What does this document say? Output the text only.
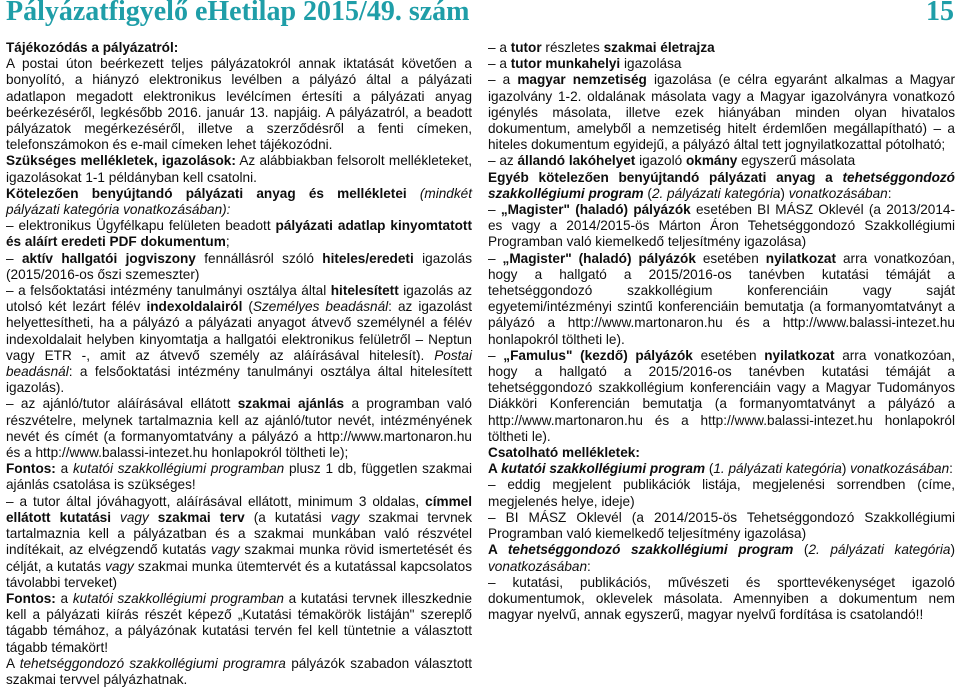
Pályázatfigyelő eHetilap 2015/49. szám	15

Tájékozódás a pályázatról:

A postai úton beérkezett teljes pályázatokról annak iktatását követően a bonyolító, a hiányzó elektronikus levélben a pályázó által a pályázati adatlapon megadott elektronikus levélcímen értesíti a pályázati anyag beérkezéséről, legkésőbb 2016. január 13. napjáig. A pályázatról, a beadott pályázatok megérkezéséről, illetve a szerződésről a fenti címeken, telefonszámokon és e-mail címeken lehet tájékozódni.

Szükséges mellékletek, igazolások: Az alábbiakban felsorolt mellékleteket, igazolásokat 1-1 példányban kell csatolni.

Kötelezően benyújtandó pályázati anyag és mellékletei (mindkét pályázati kategória vonatkozásában):

– elektronikus Ügyfélkapu felületen beadott pályázati adatlap kinyomtatott és aláírt eredeti PDF dokumentum;

– aktív hallgatói jogviszony fennállásról szóló hiteles/eredeti igazolás (2015/2016-os őszi szemeszter)

– a felsőoktatási intézmény tanulmányi osztálya által hitelesített igazolás az utolsó két lezárt félév indexoldalairól (Személyes beadásnál: az igazolást helyettesítheti, ha a pályázó a pályázati anyagot átvevő személynél a félév indexoldalait helyben kinyomtatja a hallgatói elektronikus felületről – Neptun vagy ETR -, amit az átvevő személy az aláírásával hitelesít). Postai beadásnál: a felsőoktatási intézmény tanulmányi osztálya által hitelesített igazolás).

– az ajánló/tutor aláírásával ellátott szakmai ajánlás a programban való részvételre, melynek tartalmaznia kell az ajánló/tutor nevét, intézményének nevét és címét (a formanyomtatvány a pályázó a http://www.martonaron.hu és a http://www.balassi-intezet.hu honlapokról töltheti le);

Fontos: a kutatói szakkollégiumi programban plusz 1 db, független szakmai ajánlás csatolása is szükséges!

– a tutor által jóváhagyott, aláírásával ellátott, minimum 3 oldalas, címmel ellátott kutatási vagy szakmai terv (a kutatási vagy szakmai tervnek tartalmaznia kell a pályázatban és a szakmai munkában való részvétel indítékait, az elvégzendő kutatás vagy szakmai munka rövid ismertetését és célját, a kutatás vagy szakmai munka ütemtervét és a kutatással kapcsolatos távolabbi terveket)

Fontos: a kutatói szakkollégiumi programban a kutatási tervnek illeszkednie kell a pályázati kiírás részét képező „Kutatási témakörök listáján" szereplő tágabb témához, a pályázónak kutatási tervén fel kell tüntetnie a választott tágabb témakört!

A tehetséggondozó szakkollégiumi programra pályázók szabadon választott szakmai tervvel pályázhatnak.

– a tutor részletes szakmai életrajza

– a tutor munkahelyi igazolása

– a magyar nemzetiség igazolása (e célra egyaránt alkalmas a Magyar igazolvány 1-2. oldalának másolata vagy a Magyar igazolványra vonatkozó igénylés másolata, illetve ezek hiányában minden olyan hivatalos dokumentum, amelyből a nemzetiség hitelt érdemlően megállapítható) – a hiteles dokumentum egyidejű, a pályázó által tett jognyilatkozattal pótolható;

– az állandó lakóhelyet igazoló okmány egyszerű másolata

Egyéb kötelezően benyújtandó pályázati anyag a tehetséggondozó szakkollégiumi program (2. pályázati kategória) vonatkozásában:

– „Magister" (haladó) pályázók esetében BI MÁSZ Oklevél (a 2013/2014-es vagy a 2014/2015-ös Márton Áron Tehetséggondozó Szakkollégiumi Programban való kiemelkedő teljesítmény igazolása)

– „Magister" (haladó) pályázók esetében nyilatkozat arra vonatkozóan, hogy a hallgató a 2015/2016-os tanévben kutatási témáját a tehetséggondozó szakkollégium konferenciáin vagy saját egyetemi/intézményi szintű konferenciáin bemutatja (a formanyomtatványt a pályázó a http://www.martonaron.hu és a http://www.balassi-intezet.hu honlapokról töltheti le).

– „Famulus" (kezdő) pályázók esetében nyilatkozat arra vonatkozóan, hogy a hallgató a 2015/2016-os tanévben kutatási témáját a tehetséggondozó szakkollégium konferenciáin vagy a Magyar Tudományos Diákköri Konferencián bemutatja (a formanyomtatványt a pályázó a http://www.martonaron.hu és a http://www.balassi-intezet.hu honlapokról töltheti le).

Csatolható mellékletek:

A kutatói szakkollégiumi program (1. pályázati kategória) vonatkozásában:

– eddig megjelent publikációk listája, megjelenési sorrendben (címe, megjelenés helye, ideje)

– BI MÁSZ Oklevél (a 2014/2015-ös Tehetséggondozó Szakkollégiumi Programban való kiemelkedő teljesítmény igazolása)

A tehetséggondozó szakkollégiumi program (2. pályázati kategória) vonatkozásában:

– kutatási, publikációs, művészeti és sporttevékenységet igazoló dokumentumok, oklevelek másolata. Amennyiben a dokumentum nem magyar nyelvű, annak egyszerű, magyar nyelvű fordítása is csatolandó!!
